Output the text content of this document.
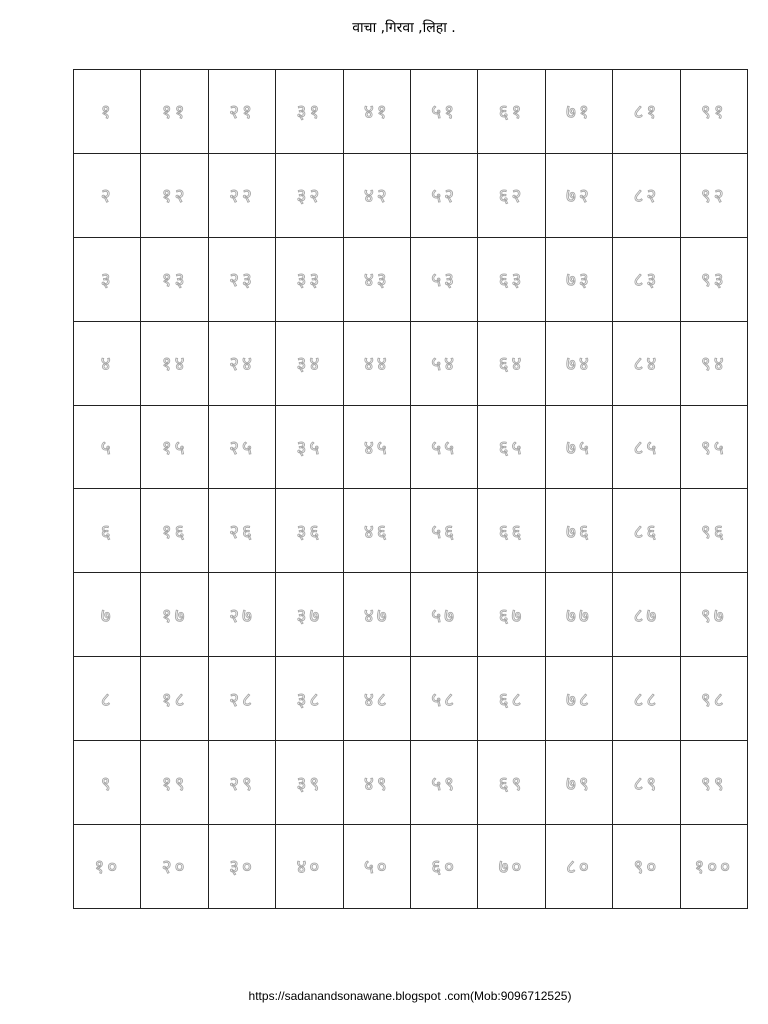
वाचा ,गिरवा ,लिहा .
१	११	२१	३१	४१	५१	६१	७१	८१	९१
२	१२	२२	३२	४२	५२	६२	७२	८२	९२
३	१३	२३	३३	४३	५३	६३	७३	८३	९३
४	१४	२४	३४	४४	५४	६४	७४	८४	९४
५	१५	२५	३५	४५	५५	६५	७५	८५	९५
६	१६	२६	३६	४६	५६	६६	७६	८६	९६
७	१७	२७	३७	४७	५७	६७	७७	८७	९७
८	१८	२८	३८	४८	५८	६८	७८	८८	९८
९	१९	२९	३९	४९	५९	६९	७९	८९	९९
१०	२०	३०	४०	५०	६०	७०	८०	९०	१००
https://sadanandsonawane.blogspot .com(Mob:9096712525)
